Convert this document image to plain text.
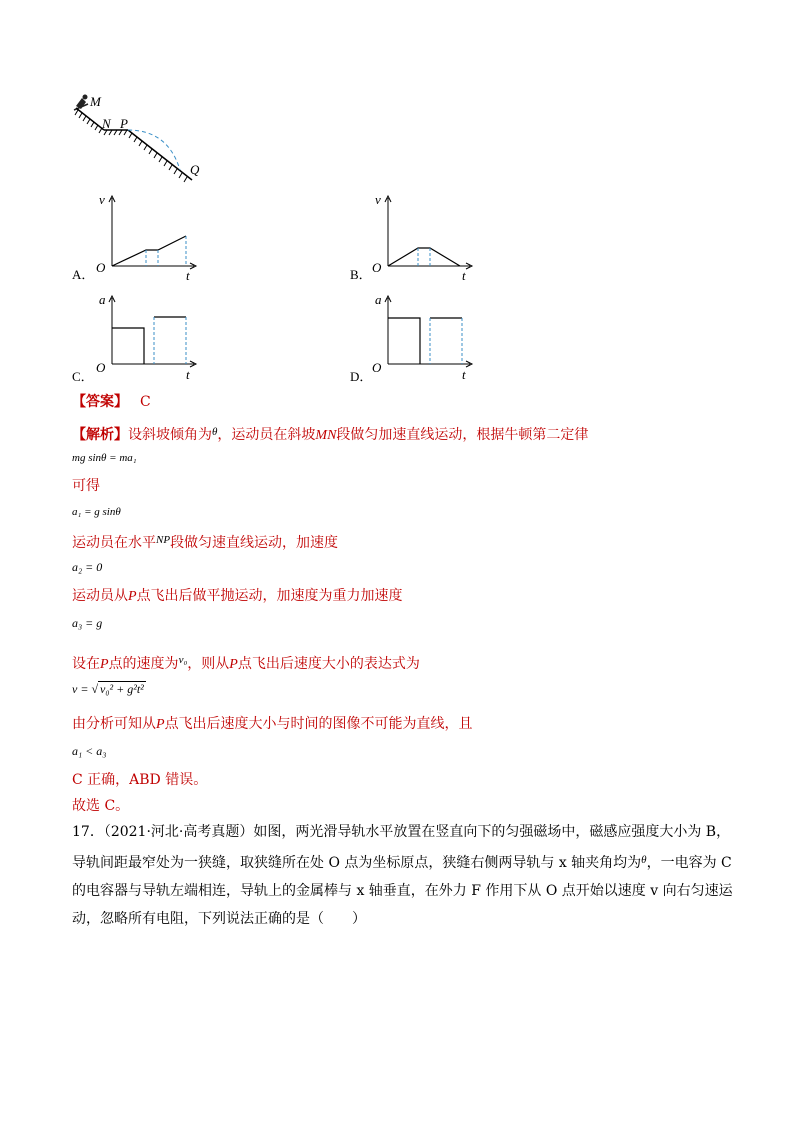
M
N P
Q
A．
v
O
t	B．
v
O
t
C．
a
O	t	D．
a
O	t
【答案】 C
【解析】设斜坡倾角为$^\theta$，运动员在斜坡MN段做匀加速直线运动，根据牛顿第二定律
mg sinθ = ma₁
可得
a₁ = g sinθ
运动员在水平$^{NP}$段做匀速直线运动，加速度
a₂ = 0
运动员从P点飞出后做平抛运动，加速度为重力加速度
a₃ = g
设在P点的速度为$^{v_0}$，则从P点飞出后速度大小的表达式为
v = √ v₀² + g²t²
由分析可知从P点飞出后速度大小与时间的图像不可能为直线，且
a₁ < a₃
C 正确，ABD 错误。
故选 C。
17．（2021·河北·高考真题）如图，两光滑导轨水平放置在竖直向下的匀强磁场中，磁感应强度大小为 B，
导轨间距最窄处为一狭缝，取狭缝所在处 O 点为坐标原点，狭缝右侧两导轨与 x 轴夹角均为$^\theta$，一电容为 C
的电容器与导轨左端相连，导轨上的金属棒与 x 轴垂直，在外力 F 作用下从 O 点开始以速度 v 向右匀速运
动，忽略所有电阻，下列说法正确的是（　　）
